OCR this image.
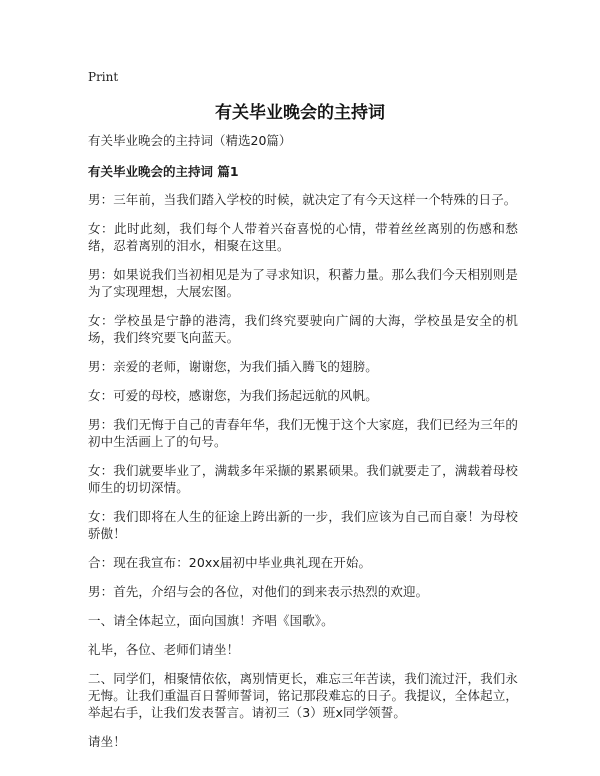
Print
有关毕业晚会的主持词

有关毕业晚会的主持词（精选20篇）

有关毕业晚会的主持词 篇1

男：三年前，当我们踏入学校的时候，就决定了有今天这样一个特殊的日子。

女：此时此刻，我们每个人带着兴奋喜悦的心情，带着丝丝离别的伤感和愁绪，忍着离别的泪水，相聚在这里。

男：如果说我们当初相见是为了寻求知识，积蓄力量。那么我们今天相别则是为了实现理想，大展宏图。

女：学校虽是宁静的港湾，我们终究要驶向广阔的大海，学校虽是安全的机场，我们终究要飞向蓝天。

男：亲爱的老师，谢谢您，为我们插入腾飞的翅膀。

女：可爱的母校，感谢您，为我们扬起远航的风帆。

男：我们无悔于自己的青春年华，我们无愧于这个大家庭，我们已经为三年的初中生活画上了的句号。

女：我们就要毕业了，满载多年采撷的累累硕果。我们就要走了，满载着母校师生的切切深情。

女：我们即将在人生的征途上跨出新的一步，我们应该为自己而自豪！为母校骄傲！

合：现在我宣布：20xx届初中毕业典礼现在开始。

男：首先，介绍与会的各位，对他们的到来表示热烈的欢迎。

一、请全体起立，面向国旗！齐唱《国歌》。

礼毕，各位、老师们请坐！

二、同学们，相聚情依依，离别情更长，难忘三年苦读，我们流过汗，我们永无悔。让我们重温百日誓师誓词，铭记那段难忘的日子。我提议，全体起立，举起右手，让我们发表誓言。请初三（3）班x同学领誓。

请坐！
